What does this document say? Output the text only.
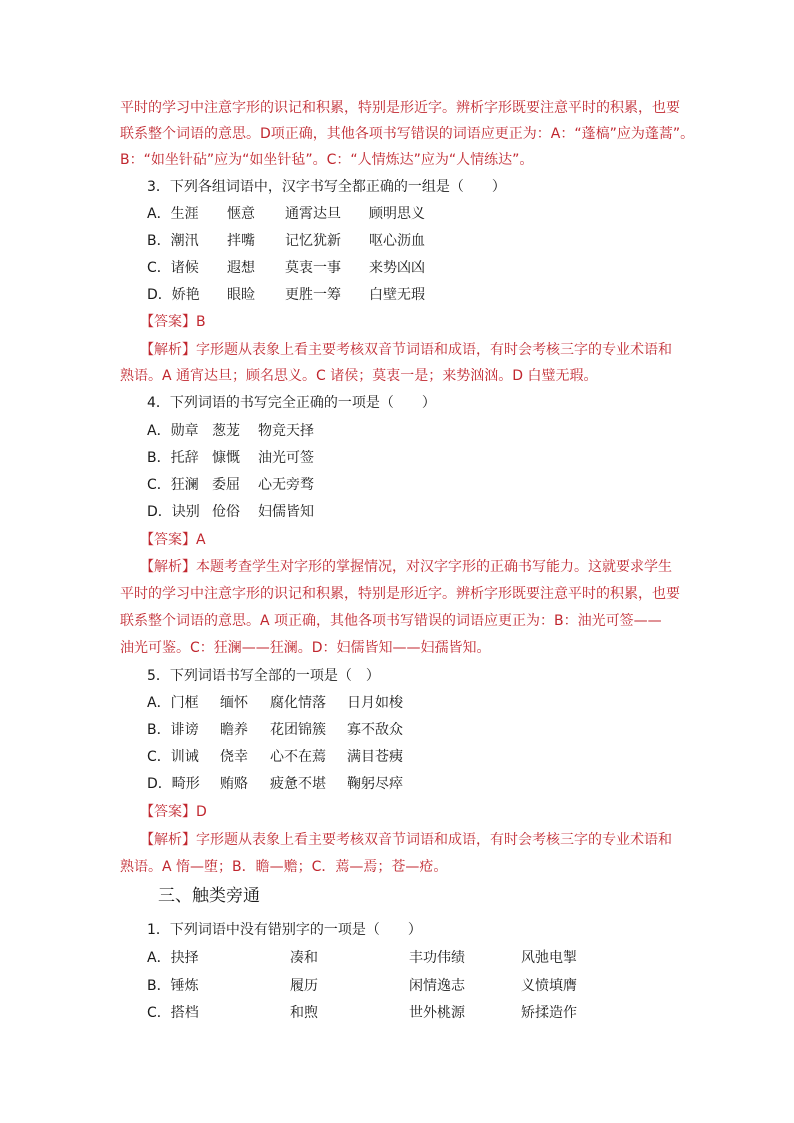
平时的学习中注意字形的识记和积累，特别是形近字。辨析字形既要注意平时的积累，也要
联系整个词语的意思。D项正确，其他各项书写错误的词语应更正为：A：“蓬槁”应为蓬蒿”。
B：“如坐针砧”应为“如坐针毡”。C：“人情炼达”应为“人情练达”。
3．下列各组词语中，汉字书写全都正确的一组是（　　）
A．生涯 惬意 通霄达旦 顾明思义
B．潮汛 拌嘴 记忆犹新 呕心沥血
C．诸候 遐想 莫衷一事 来势凶凶
D．娇艳 眼睑 更胜一筹 白壁无瑕
【答案】B
【解析】字形题从表象上看主要考核双音节词语和成语，有时会考核三字的专业术语和
熟语。A 通宵达旦；顾名思义。C 诸侯；莫衷一是；来势汹汹。D 白璧无瑕。
4．下列词语的书写完全正确的一项是（　　）
A．勋章 葱茏 物竞天择
B．托辞 慷慨 油光可签
C．狂澜 委屈 心无旁骛
D．诀别 伧俗 妇儒皆知
【答案】A
【解析】本题考查学生对字形的掌握情况，对汉字字形的正确书写能力。这就要求学生
平时的学习中注意字形的识记和积累，特别是形近字。辨析字形既要注意平时的积累，也要
联系整个词语的意思。A 项正确，其他各项书写错误的词语应更正为：B：油光可签——
油光可鉴。C：狂澜——狂澜。D：妇儒皆知——妇孺皆知。
5．下列词语书写全部的一项是（　）
A．门框 缅怀 腐化情落 日月如梭
B．诽谤 瞻养 花团锦簇 寡不敌众
C．训诫 侥幸 心不在蔫 满目苍痍
D．畸形 贿赂 疲惫不堪 鞠躬尽瘁
【答案】D
【解析】字形题从表象上看主要考核双音节词语和成语，有时会考核三字的专业术语和
熟语。A 惰—堕；B．瞻—赡；C．蔫—焉；苍—疮。
三、触类旁通
1．下列词语中没有错别字的一项是（　　）
A．抉择	凑和	丰功伟绩	风弛电掣
B．锤炼	履历	闲情逸志	义愤填膺
C．搭档	和煦	世外桃源	矫揉造作
